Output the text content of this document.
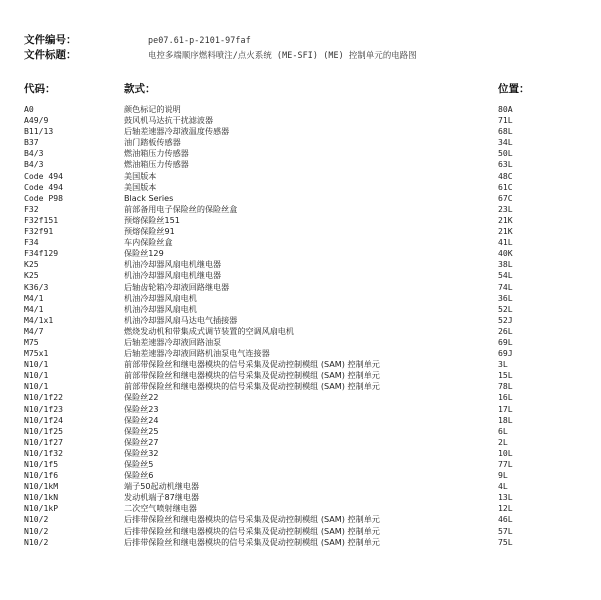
文件编号：	pe07.61-p-2101-97faf
文件标题：	电控多端顺序燃料喷注/点火系统 (ME-SFI) (ME) 控制单元的电路图
代码：	款式：	位置：
A0	颜色标记的说明	80A
A49/9	鼓风机马达抗干扰滤波器	71L
B11/13	后轴差速器冷却液温度传感器	68L
B37	油门踏板传感器	34L
B4/3	燃油箱压力传感器	50L
B4/3	燃油箱压力传感器	63L
Code 494	美国版本	48C
Code 494	美国版本	61C
Code P98	Black Series	67C
F32	前部备用电子保险丝的保险丝盒	23L
F32f151	预熔保险丝151	21K
F32f91	预熔保险丝91	21K
F34	车内保险丝盒	41L
F34f129	保险丝129	40K
K25	机油冷却器风扇电机继电器	38L
K25	机油冷却器风扇电机继电器	54L
K36/3	后轴齿轮箱冷却液回路继电器	74L
M4/1	机油冷却器风扇电机	36L
M4/1	机油冷却器风扇电机	52L
M4/1x1	机油冷却器风扇马达电气插接器	52J
M4/7	燃烧发动机和带集成式调节装置的空调风扇电机	26L
M75	后轴差速器冷却液回路油泵	69L
M75x1	后轴差速器冷却液回路机油泵电气连接器	69J
N10/1	前部带保险丝和继电器模块的信号采集及促动控制模组 (SAM) 控制单元	3L
N10/1	前部带保险丝和继电器模块的信号采集及促动控制模组 (SAM) 控制单元	15L
N10/1	前部带保险丝和继电器模块的信号采集及促动控制模组 (SAM) 控制单元	78L
N10/1f22	保险丝22	16L
N10/1f23	保险丝23	17L
N10/1f24	保险丝24	18L
N10/1f25	保险丝25	6L
N10/1f27	保险丝27	2L
N10/1f32	保险丝32	10L
N10/1f5	保险丝5	77L
N10/1f6	保险丝6	9L
N10/1kM	端子50起动机继电器	4L
N10/1kN	发动机端子87继电器	13L
N10/1kP	二次空气喷射继电器	12L
N10/2	后排带保险丝和继电器模块的信号采集及促动控制模组 (SAM) 控制单元	46L
N10/2	后排带保险丝和继电器模块的信号采集及促动控制模组 (SAM) 控制单元	57L
N10/2	后排带保险丝和继电器模块的信号采集及促动控制模组 (SAM) 控制单元	75L
